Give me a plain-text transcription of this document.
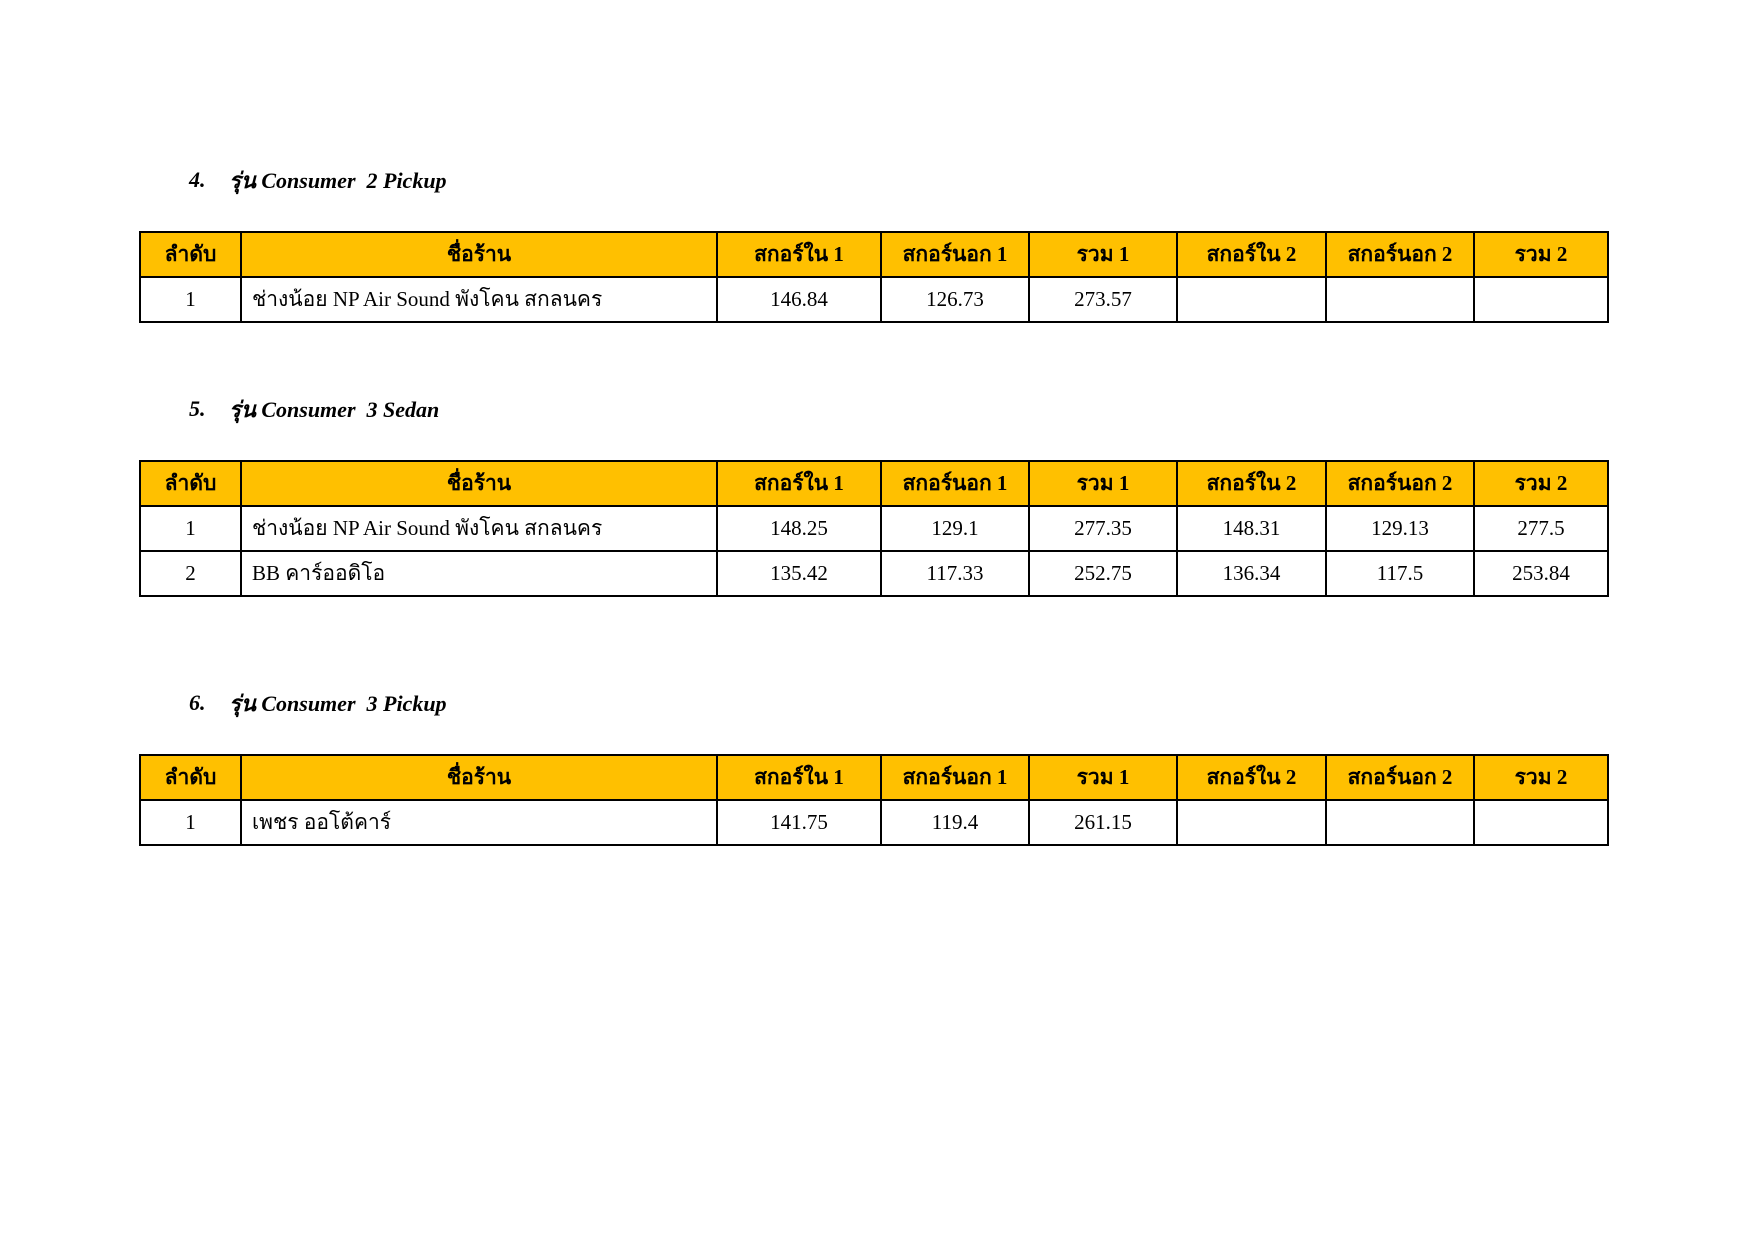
4.	รุ่น Consumer  2 Pickup
ลำดับ	ชื่อร้าน	สกอร์ใน 1	สกอร์นอก 1	รวม 1	สกอร์ใน 2	สกอร์นอก 2	รวม 2
1	ช่างน้อย NP Air Sound พังโคน สกลนคร	146.84	126.73	273.57			
5.	รุ่น Consumer  3 Sedan
ลำดับ	ชื่อร้าน	สกอร์ใน 1	สกอร์นอก 1	รวม 1	สกอร์ใน 2	สกอร์นอก 2	รวม 2
1	ช่างน้อย NP Air Sound พังโคน สกลนคร	148.25	129.1	277.35	148.31	129.13	277.5
2	BB คาร์ออดิโอ	135.42	117.33	252.75	136.34	117.5	253.84
6.	รุ่น Consumer  3 Pickup
ลำดับ	ชื่อร้าน	สกอร์ใน 1	สกอร์นอก 1	รวม 1	สกอร์ใน 2	สกอร์นอก 2	รวม 2
1	เพชร ออโต้คาร์	141.75	119.4	261.15			
